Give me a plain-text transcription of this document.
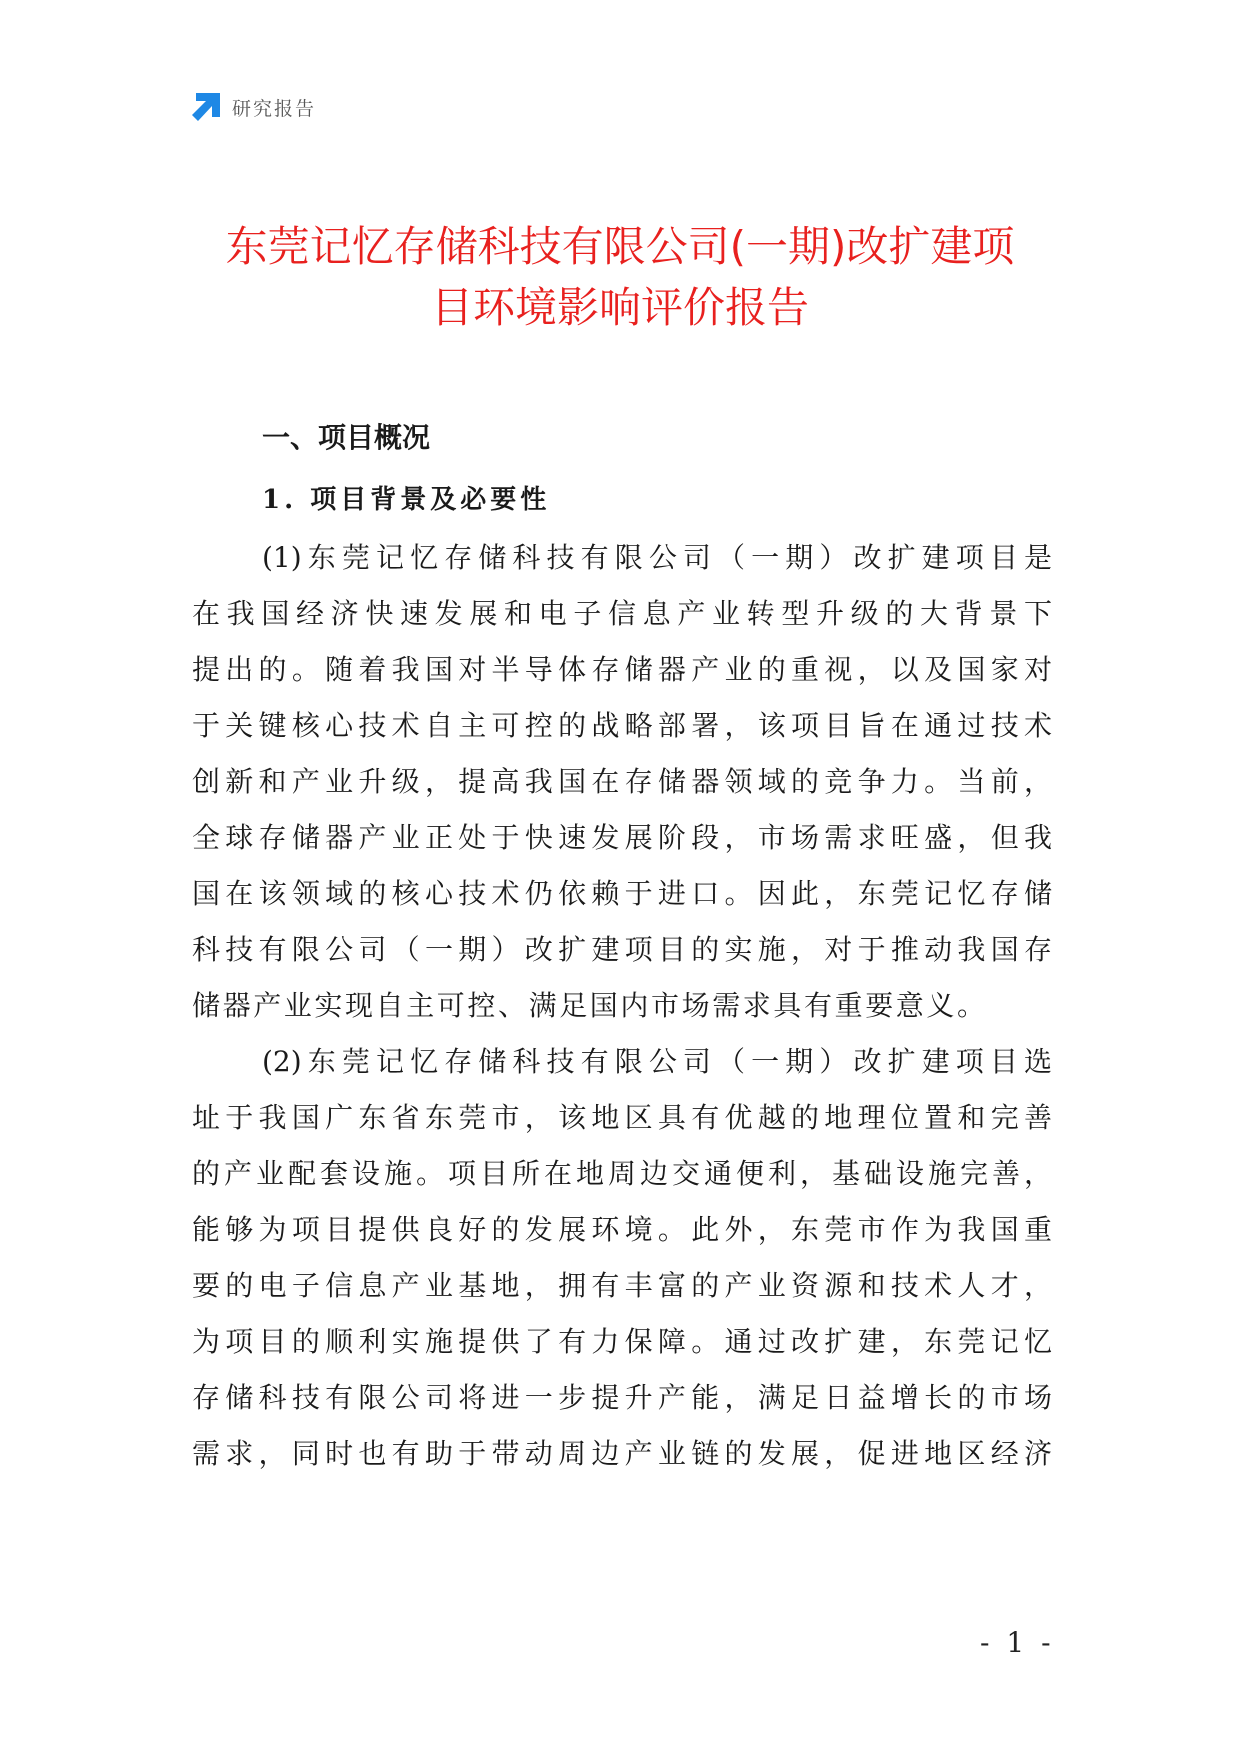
研究报告
东莞记忆存储科技有限公司(一期)改扩建项
目环境影响评价报告
一、项目概况
1. 项目背景及必要性

(1)东莞记忆存储科技有限公司（一期）改扩建项目是

在我国经济快速发展和电子信息产业转型升级的大背景下

提出的。随着我国对半导体存储器产业的重视，以及国家对

于关键核心技术自主可控的战略部署，该项目旨在通过技术

创新和产业升级，提高我国在存储器领域的竞争力。当前，

全球存储器产业正处于快速发展阶段，市场需求旺盛，但我

国在该领域的核心技术仍依赖于进口。因此，东莞记忆存储

科技有限公司（一期）改扩建项目的实施，对于推动我国存

储器产业实现自主可控、满足国内市场需求具有重要意义。

(2)东莞记忆存储科技有限公司（一期）改扩建项目选

址于我国广东省东莞市，该地区具有优越的地理位置和完善

的产业配套设施。项目所在地周边交通便利，基础设施完善，

能够为项目提供良好的发展环境。此外，东莞市作为我国重

要的电子信息产业基地，拥有丰富的产业资源和技术人才，

为项目的顺利实施提供了有力保障。通过改扩建，东莞记忆

存储科技有限公司将进一步提升产能，满足日益增长的市场

需求，同时也有助于带动周边产业链的发展，促进地区经济

- 1 -
